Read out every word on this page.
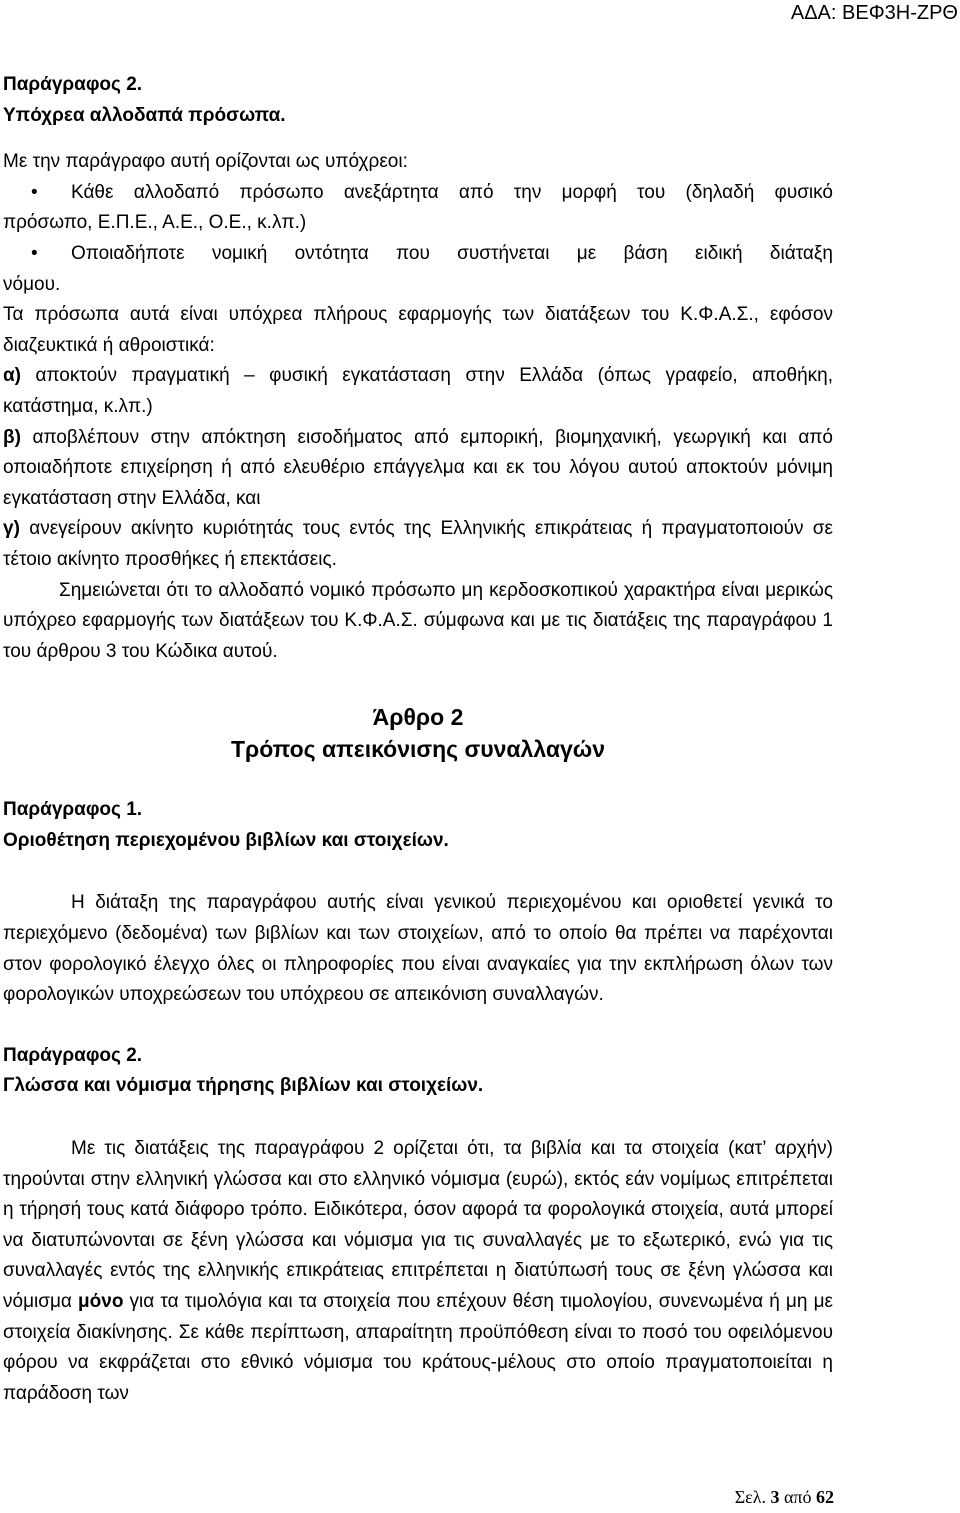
ΑΔΑ: ΒΕΦ3Η-ΖΡΘ

Παράγραφος 2.

Υπόχρεα αλλοδαπά πρόσωπα.

Με την παράγραφο αυτή ορίζονται ως υπόχρεοι:

• Κάθε αλλοδαπό πρόσωπο ανεξάρτητα από την μορφή του (δηλαδή φυσικό

πρόσωπο, Ε.Π.Ε., Α.Ε., Ο.Ε., κ.λπ.)

• Οποιαδήποτε νομική οντότητα που συστήνεται με βάση ειδική διάταξη

νόμου.

Τα πρόσωπα αυτά είναι υπόχρεα πλήρους εφαρμογής των διατάξεων του Κ.Φ.Α.Σ., εφόσον διαζευκτικά ή αθροιστικά:

α) αποκτούν πραγματική – φυσική εγκατάσταση στην Ελλάδα (όπως γραφείο, αποθήκη, κατάστημα, κ.λπ.)

β) αποβλέπουν στην απόκτηση εισοδήματος από εμπορική, βιομηχανική, γεωργική και από οποιαδήποτε επιχείρηση ή από ελευθέριο επάγγελμα και εκ του λόγου αυτού αποκτούν μόνιμη εγκατάσταση στην Ελλάδα, και

γ) ανεγείρουν ακίνητο κυριότητάς τους εντός της Ελληνικής επικράτειας ή πραγματοποιούν σε τέτοιο ακίνητο προσθήκες ή επεκτάσεις.

Σημειώνεται ότι το αλλοδαπό νομικό πρόσωπο μη κερδοσκοπικού χαρακτήρα είναι μερικώς υπόχρεο εφαρμογής των διατάξεων του Κ.Φ.Α.Σ. σύμφωνα και με τις διατάξεις της παραγράφου 1 του άρθρου 3 του Κώδικα αυτού.

Άρθρο 2

Τρόπος απεικόνισης συναλλαγών

Παράγραφος 1.

Οριοθέτηση περιεχομένου βιβλίων και στοιχείων.

Η διάταξη της παραγράφου αυτής είναι γενικού περιεχομένου και οριοθετεί γενικά το περιεχόμενο (δεδομένα) των βιβλίων και των στοιχείων, από το οποίο θα πρέπει να παρέχονται στον φορολογικό έλεγχο όλες οι πληροφορίες που είναι αναγκαίες για την εκπλήρωση όλων των φορολογικών υποχρεώσεων του υπόχρεου σε απεικόνιση συναλλαγών.

Παράγραφος 2.

Γλώσσα και νόμισμα τήρησης βιβλίων και στοιχείων.

Με τις διατάξεις της παραγράφου 2 ορίζεται ότι, τα βιβλία και τα στοιχεία (κατ’ αρχήν) τηρούνται στην ελληνική γλώσσα και στο ελληνικό νόμισμα (ευρώ), εκτός εάν νομίμως επιτρέπεται η τήρησή τους κατά διάφορο τρόπο. Ειδικότερα, όσον αφορά τα φορολογικά στοιχεία, αυτά μπορεί να διατυπώνονται σε ξένη γλώσσα και νόμισμα για τις συναλλαγές με το εξωτερικό, ενώ για τις συναλλαγές εντός της ελληνικής επικράτειας επιτρέπεται η διατύπωσή τους σε ξένη γλώσσα και νόμισμα μόνο για τα τιμολόγια και τα στοιχεία που επέχουν θέση τιμολογίου, συνενωμένα ή μη με στοιχεία διακίνησης. Σε κάθε περίπτωση, απαραίτητη προϋπόθεση είναι το ποσό του οφειλόμενου φόρου να εκφράζεται στο εθνικό νόμισμα του κράτους-μέλους στο οποίο πραγματοποιείται η παράδοση των

Σελ. 3 από 62
